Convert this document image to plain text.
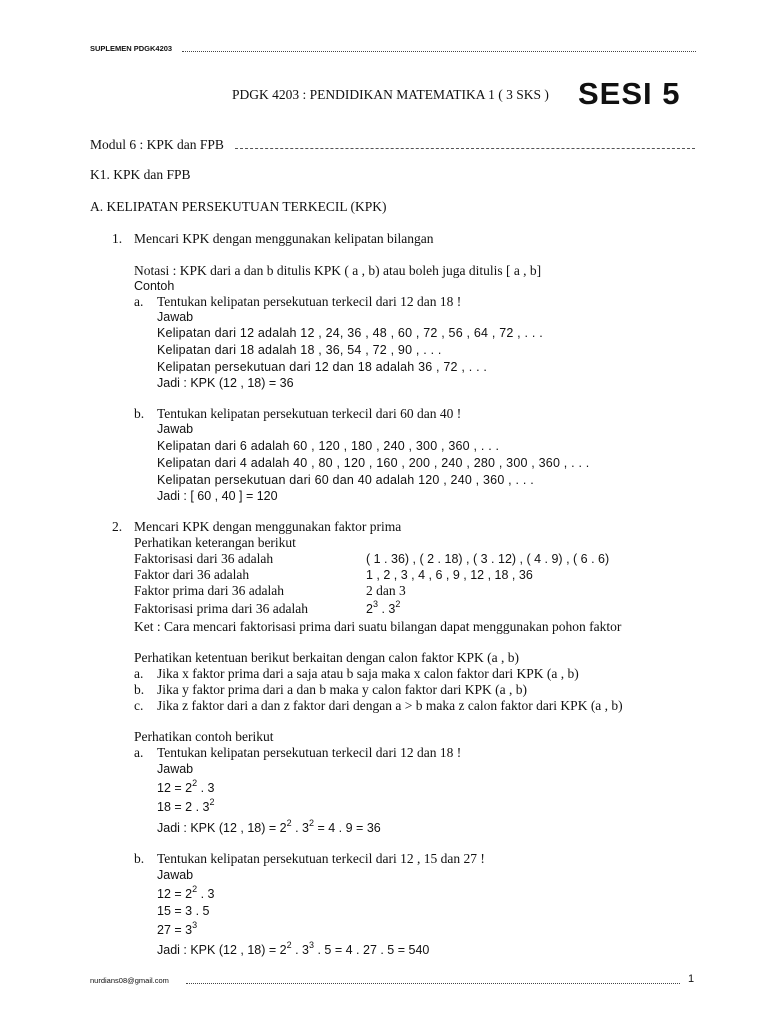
SUPLEMEN PDGK4203
PDGK 4203 : PENDIDIKAN MATEMATIKA 1 ( 3 SKS ) SESI 5
Modul 6 : KPK dan FPB
K1. KPK dan FPB
A. KELIPATAN PERSEKUTUAN TERKECIL (KPK)
1. Mencari KPK dengan menggunakan kelipatan bilangan
Notasi : KPK dari a dan b ditulis KPK ( a , b) atau boleh juga ditulis [ a , b]
Contoh
a. Tentukan kelipatan persekutuan terkecil dari 12 dan 18 !
Jawab
Kelipatan dari 12 adalah 12 , 24, 36 , 48 , 60 , 72 , 56 , 64 , 72 , . . .
Kelipatan dari 18 adalah 18 , 36, 54 , 72 , 90 , . . .
Kelipatan persekutuan dari 12 dan 18 adalah 36 , 72 , . . .
Jadi : KPK (12 , 18) = 36
b. Tentukan kelipatan persekutuan terkecil dari 60 dan 40 !
Jawab
Kelipatan dari 6 adalah 60 , 120 , 180 , 240 , 300 , 360 , . . .
Kelipatan dari 4 adalah 40 , 80 , 120 , 160 , 200 , 240 , 280 , 300 , 360 , . . .
Kelipatan persekutuan dari 60 dan 40 adalah 120 , 240 , 360 , . . .
Jadi : [ 60 , 40 ] = 120
2. Mencari KPK dengan menggunakan faktor prima
Perhatikan keterangan berikut
Faktorisasi dari 36 adalah	( 1 . 36) , ( 2 . 18) , ( 3 . 12) , ( 4 . 9) , ( 6 . 6)
Faktor dari 36 adalah	1 , 2 , 3 , 4 , 6 , 9 , 12 , 18 , 36
Faktor prima dari 36 adalah	2 dan 3
Faktorisasi prima dari 36 adalah	$2^3$ . $3^2$
Ket : Cara mencari faktorisasi prima dari suatu bilangan dapat menggunakan pohon faktor
Perhatikan ketentuan berikut berkaitan dengan calon faktor KPK (a , b)
a. Jika x faktor prima dari a saja atau b saja maka x calon faktor dari KPK (a , b)
b. Jika y faktor prima dari a dan b maka y calon faktor dari KPK (a , b)
c. Jika z faktor dari a dan z faktor dari dengan a > b maka z calon faktor dari KPK (a , b)
Perhatikan contoh berikut
a. Tentukan kelipatan persekutuan terkecil dari 12 dan 18 !
Jawab
$12 = 2^2$ . 3
18 = 2 . $3^2$
Jadi : KPK (12 , $18) = 2^2$ . $3^2 = 4$ . 9 = 36
b. Tentukan kelipatan persekutuan terkecil dari 12 , 15 dan 27 !
Jawab
$12 = 2^2$ . 3
15 = 3 . 5
$27 = 3^3$
Jadi : KPK (12 , $18) = 2^2$ . $3^3$ . 5 = 4 . 27 . 5 = 540
nurdians08@gmail.com	1
